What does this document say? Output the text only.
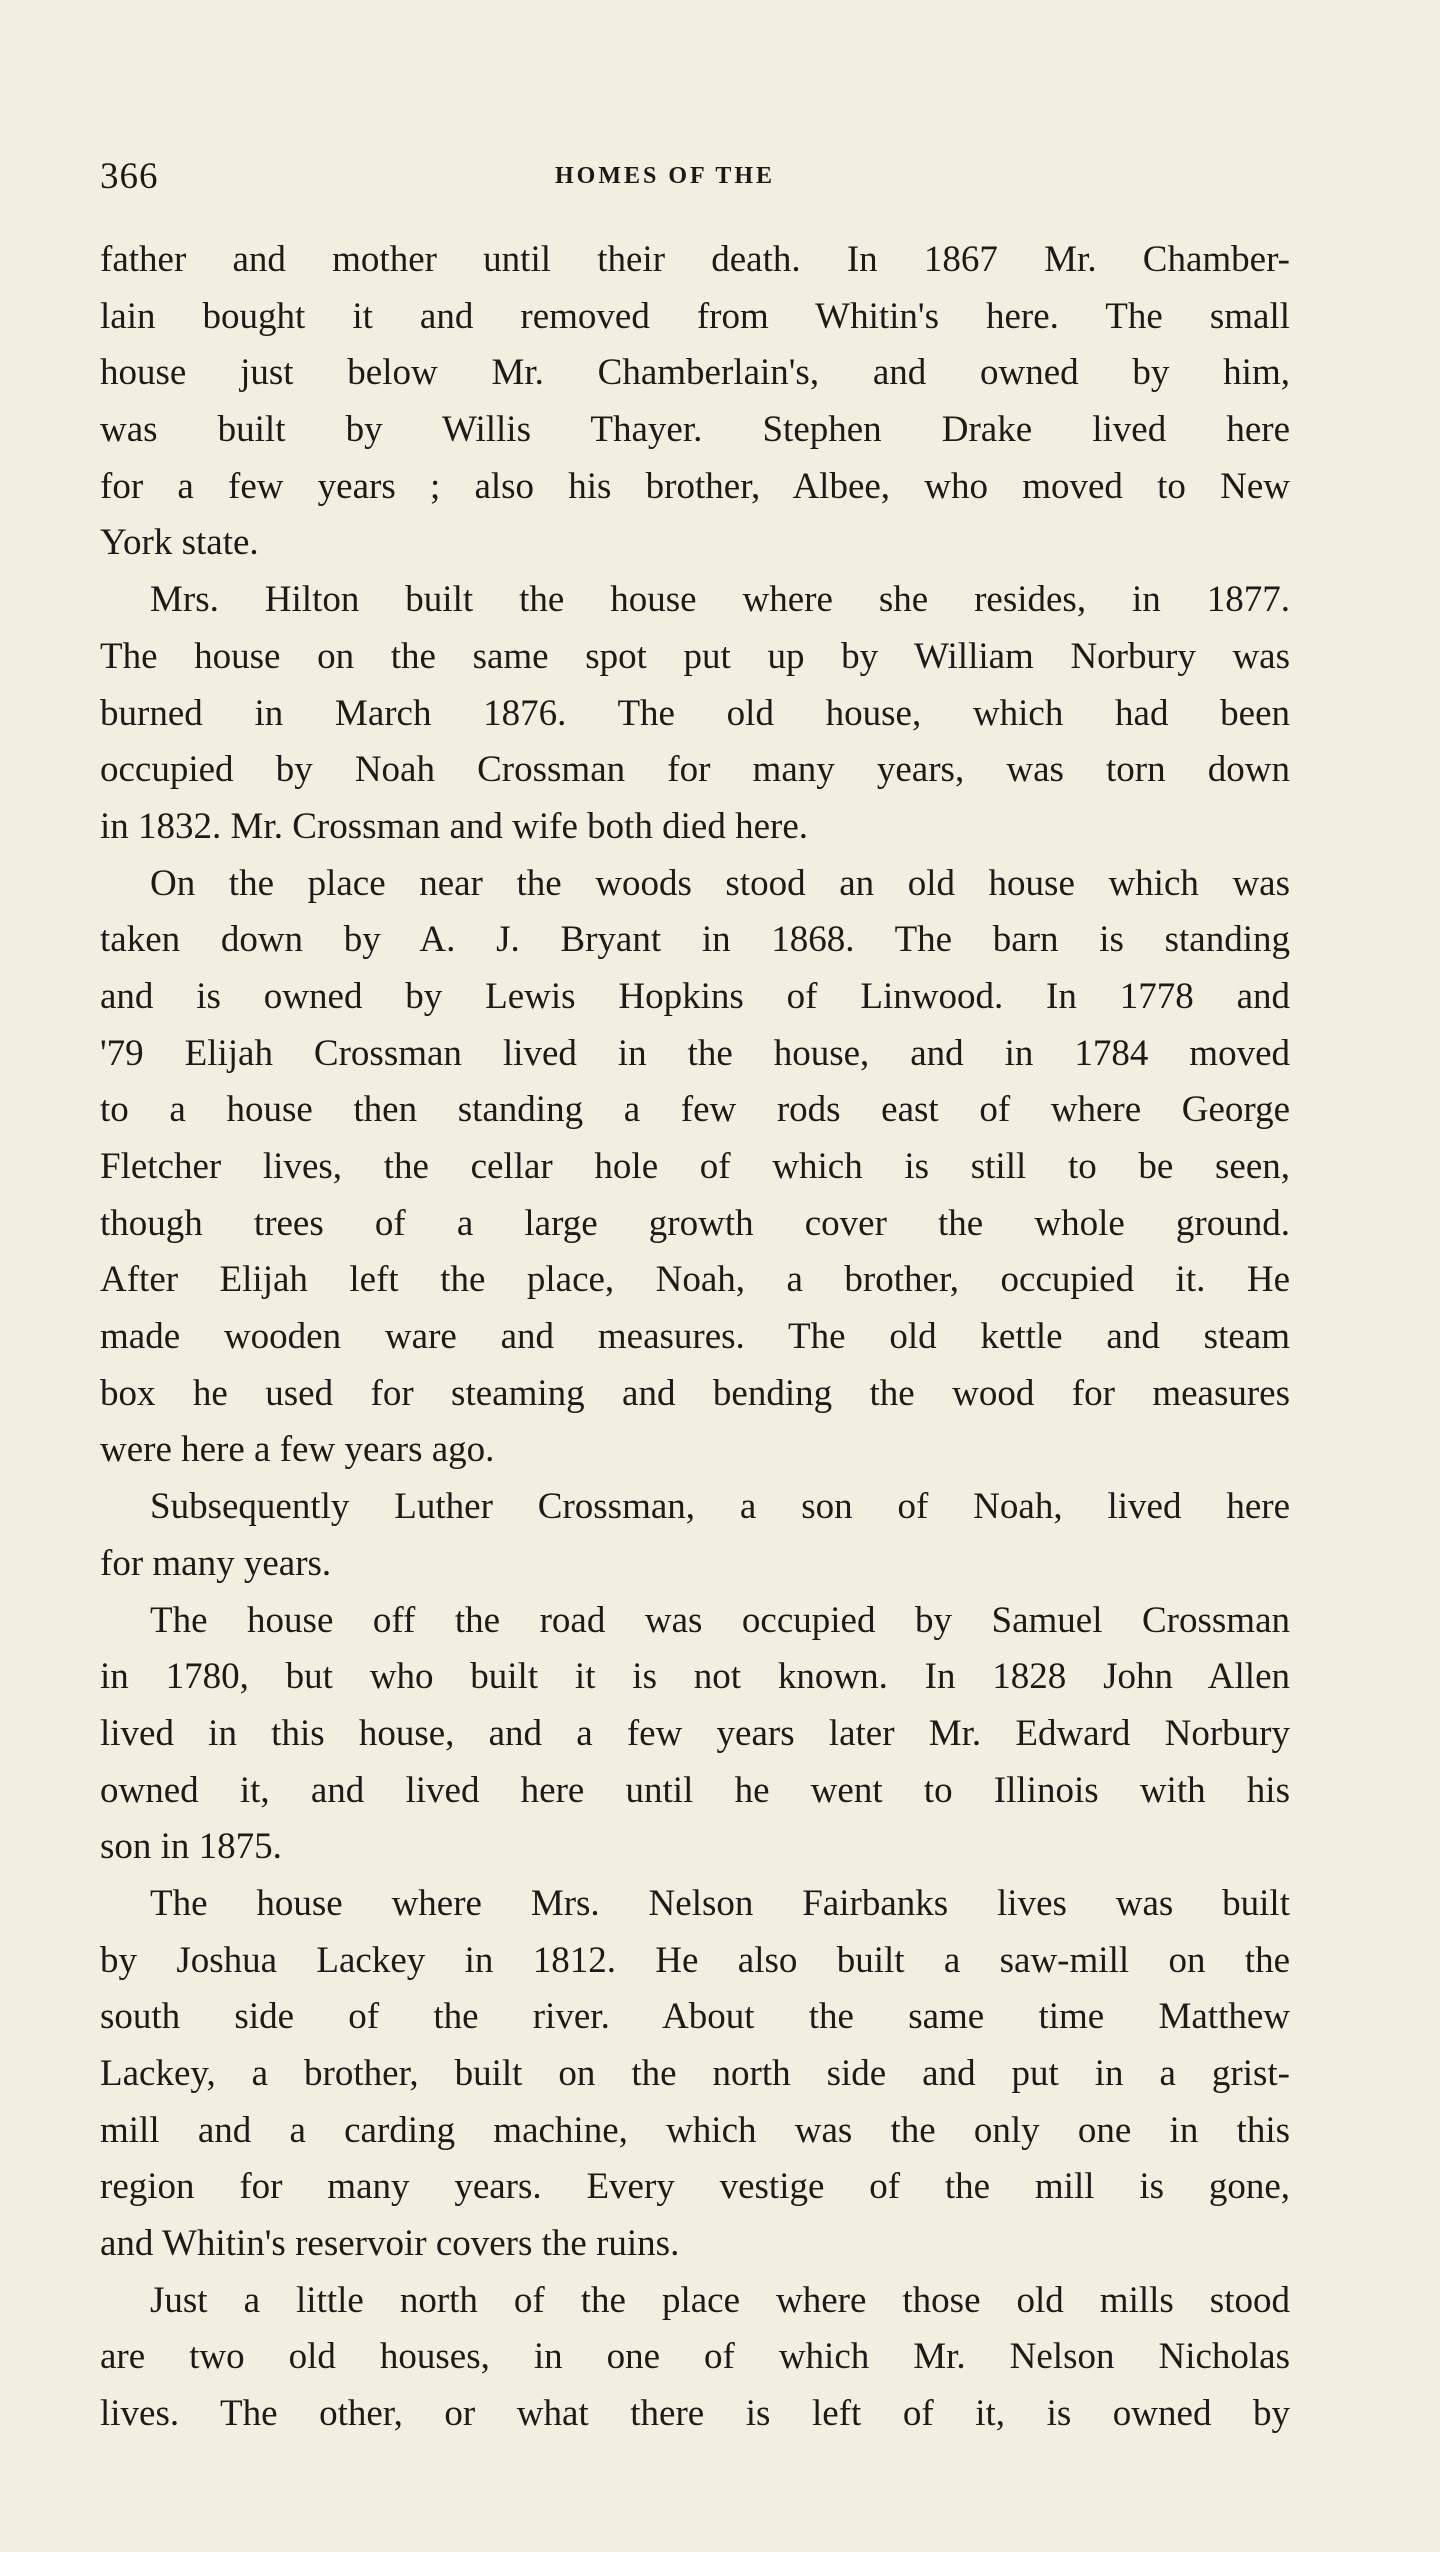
366	HOMES OF THE
father and mother until their death. In 1867 Mr. Chamber-
lain bought it and removed from Whitin's here. The small
house just below Mr. Chamberlain's, and owned by him,
was built by Willis Thayer. Stephen Drake lived here
for a few years ; also his brother, Albee, who moved to New
York state.
Mrs. Hilton built the house where she resides, in 1877.
The house on the same spot put up by William Norbury was
burned in March 1876. The old house, which had been
occupied by Noah Crossman for many years, was torn down
in 1832. Mr. Crossman and wife both died here.
On the place near the woods stood an old house which was
taken down by A. J. Bryant in 1868. The barn is standing
and is owned by Lewis Hopkins of Linwood. In 1778 and
'79 Elijah Crossman lived in the house, and in 1784 moved
to a house then standing a few rods east of where George
Fletcher lives, the cellar hole of which is still to be seen,
though trees of a large growth cover the whole ground.
After Elijah left the place, Noah, a brother, occupied it. He
made wooden ware and measures. The old kettle and steam
box he used for steaming and bending the wood for measures
were here a few years ago.
Subsequently Luther Crossman, a son of Noah, lived here
for many years.
The house off the road was occupied by Samuel Crossman
in 1780, but who built it is not known. In 1828 John Allen
lived in this house, and a few years later Mr. Edward Norbury
owned it, and lived here until he went to Illinois with his
son in 1875.
The house where Mrs. Nelson Fairbanks lives was built
by Joshua Lackey in 1812. He also built a saw-mill on the
south side of the river. About the same time Matthew
Lackey, a brother, built on the north side and put in a grist-
mill and a carding machine, which was the only one in this
region for many years. Every vestige of the mill is gone,
and Whitin's reservoir covers the ruins.
Just a little north of the place where those old mills stood
are two old houses, in one of which Mr. Nelson Nicholas
lives. The other, or what there is left of it, is owned by
